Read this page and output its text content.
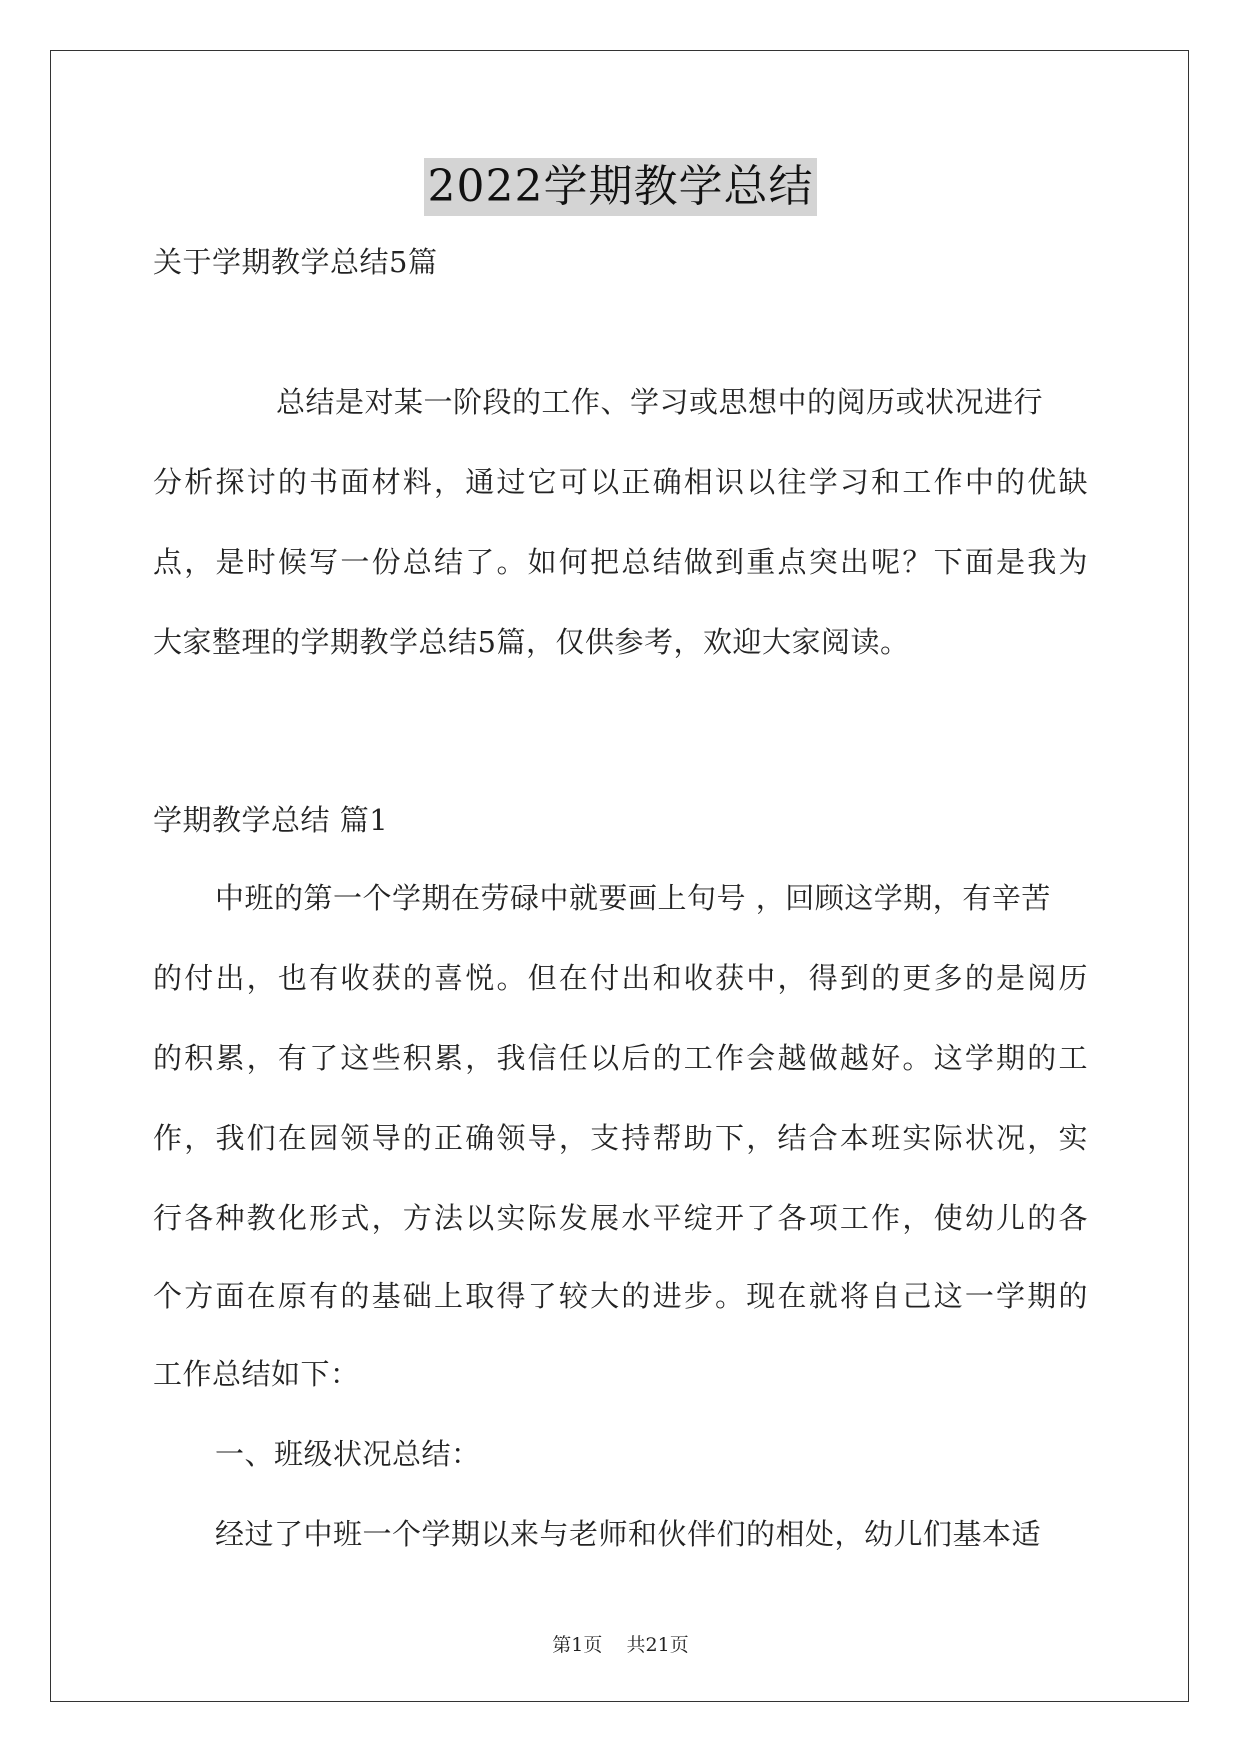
2022学期教学总结
关于学期教学总结5篇
总结是对某一阶段的工作、学习或思想中的阅历或状况进行
分析探讨的书面材料，通过它可以正确相识以往学习和工作中的优缺
点，是时候写一份总结了。如何把总结做到重点突出呢？下面是我为
大家整理的学期教学总结5篇，仅供参考，欢迎大家阅读。
学期教学总结 篇1
中班的第一个学期在劳碌中就要画上句号 ，回顾这学期，有辛苦
的付出，也有收获的喜悦。但在付出和收获中，得到的更多的是阅历
的积累，有了这些积累，我信任以后的工作会越做越好。这学期的工
作，我们在园领导的正确领导，支持帮助下，结合本班实际状况，实
行各种教化形式，方法以实际发展水平绽开了各项工作，使幼儿的各
个方面在原有的基础上取得了较大的进步。现在就将自己这一学期的
工作总结如下：
一、班级状况总结：
经过了中班一个学期以来与老师和伙伴们的相处，幼儿们基本适
第1页    共21页
